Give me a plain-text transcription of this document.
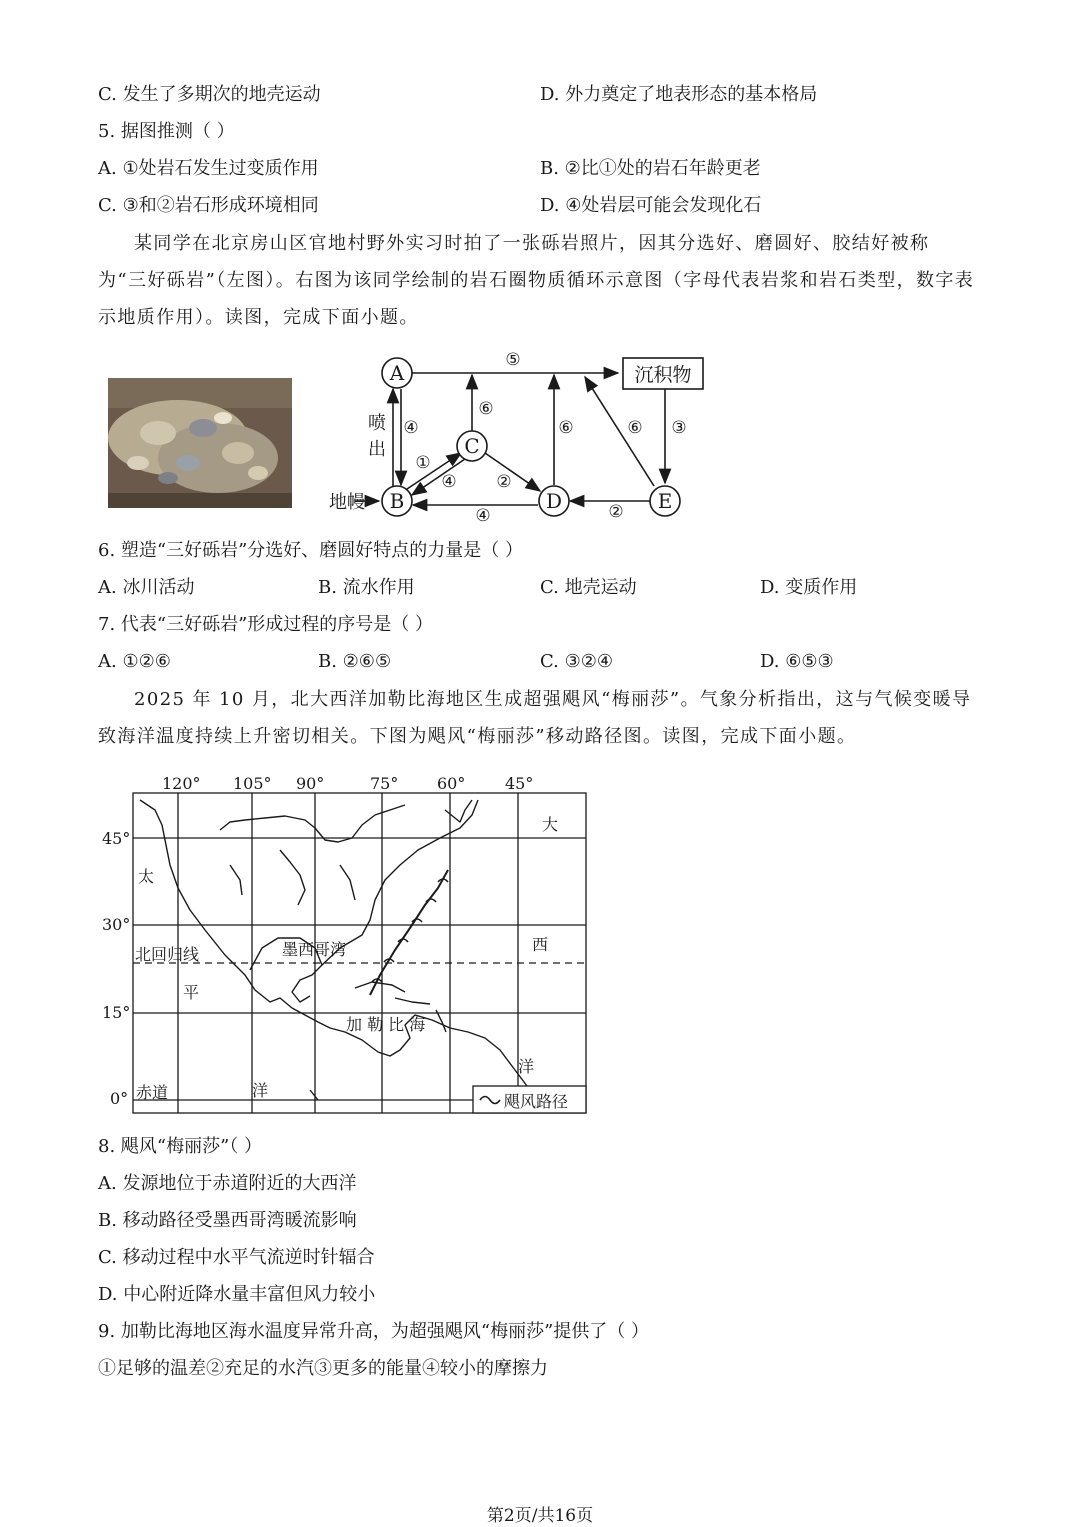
C. 发生了多期次的地壳运动	D. 外力奠定了地表形态的基本格局
5. 据图推测（ ）
A. ①处岩石发生过变质作用	B. ②比①处的岩石年龄更老
C. ③和②岩石形成环境相同	D. ④处岩层可能会发现化石
某同学在北京房山区官地村野外实习时拍了一张砾岩照片，因其分选好、磨圆好、胶结好被称为“三好砾岩”（左图）。右图为该同学绘制的岩石圈物质循环示意图（字母代表岩浆和岩石类型，数字表示地质作用）。读图，完成下面小题。
A
B
C
D	E
沉积物
地幔
喷
出
⑤
④
⑥
⑥	⑥ ③
①
④ ②
④	②
6. 塑造“三好砾岩”分选好、磨圆好特点的力量是（ ）
A. 冰川活动	B. 流水作用	C. 地壳运动	D. 变质作用
7. 代表“三好砾岩”形成过程的序号是（ ）
A. ①②⑥	B. ②⑥⑤	C. ③②④	D. ⑥⑤③
2025 年 10 月，北大西洋加勒比海地区生成超强飓风“梅丽莎”。气象分析指出，这与气候变暖导致海洋温度持续上升密切相关。下图为飓风“梅丽莎”移动路径图。读图，完成下面小题。
120° 105° 90°	75° 60° 45°
45°
30°
15°
0°
北回归线
赤道
墨西哥湾
加 勒 比 海
太
平
洋
大
西
洋
飓风路径
8. 飓风“梅丽莎”（ ）
A. 发源地位于赤道附近的大西洋
B. 移动路径受墨西哥湾暖流影响
C. 移动过程中水平气流逆时针辐合
D. 中心附近降水量丰富但风力较小
9. 加勒比海地区海水温度异常升高，为超强飓风“梅丽莎”提供了（ ）
①足够的温差②充足的水汽③更多的能量④较小的摩擦力
第2页/共16页
